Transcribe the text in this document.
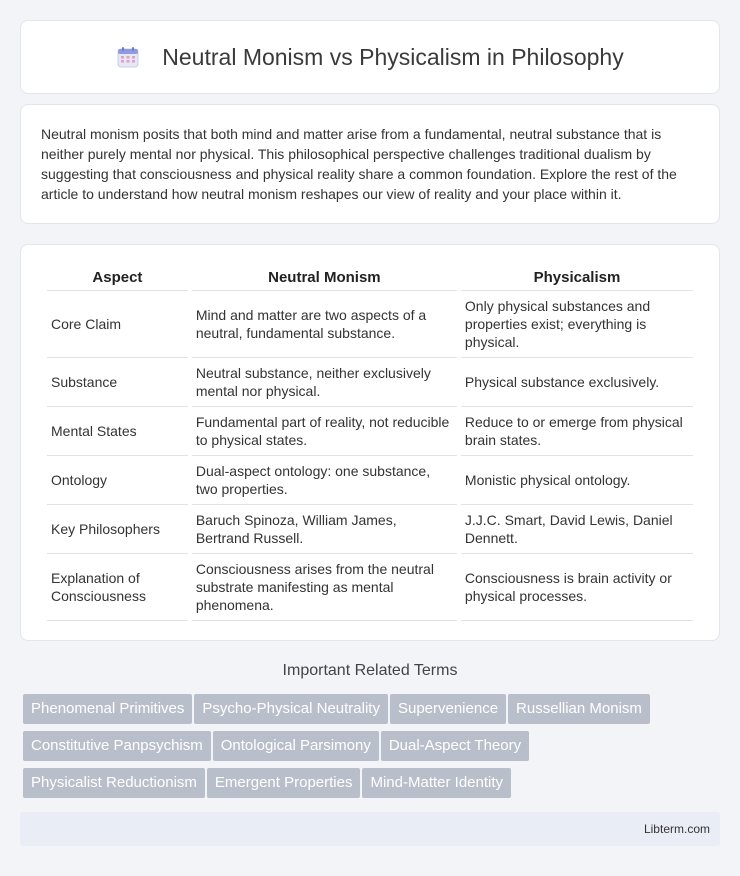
Neutral Monism vs Physicalism in Philosophy

Neutral monism posits that both mind and matter arise from a fundamental, neutral substance that is neither purely mental nor physical. This philosophical perspective challenges traditional dualism by suggesting that consciousness and physical reality share a common foundation. Explore the rest of the article to understand how neutral monism reshapes our view of reality and your place within it.

Aspect	Neutral Monism	Physicalism
Core Claim	Mind and matter are two aspects of a neutral, fundamental substance.	Only physical substances and properties exist; everything is physical.
Substance	Neutral substance, neither exclusively mental nor physical.	Physical substance exclusively.
Mental States	Fundamental part of reality, not reducible to physical states.	Reduce to or emerge from physical brain states.
Ontology	Dual-aspect ontology: one substance, two properties.	Monistic physical ontology.
Key Philosophers	Baruch Spinoza, William James, Bertrand Russell.	J.J.C. Smart, David Lewis, Daniel Dennett.
Explanation of Consciousness	Consciousness arises from the neutral substrate manifesting as mental phenomena.	Consciousness is brain activity or physical processes.
Important Related Terms
Phenomenal Primitives Psycho-Physical Neutrality Supervenience Russellian Monism
Constitutive Panpsychism Ontological Parsimony Dual-Aspect Theory
Physicalist Reductionism Emergent Properties Mind-Matter Identity
Libterm.com
